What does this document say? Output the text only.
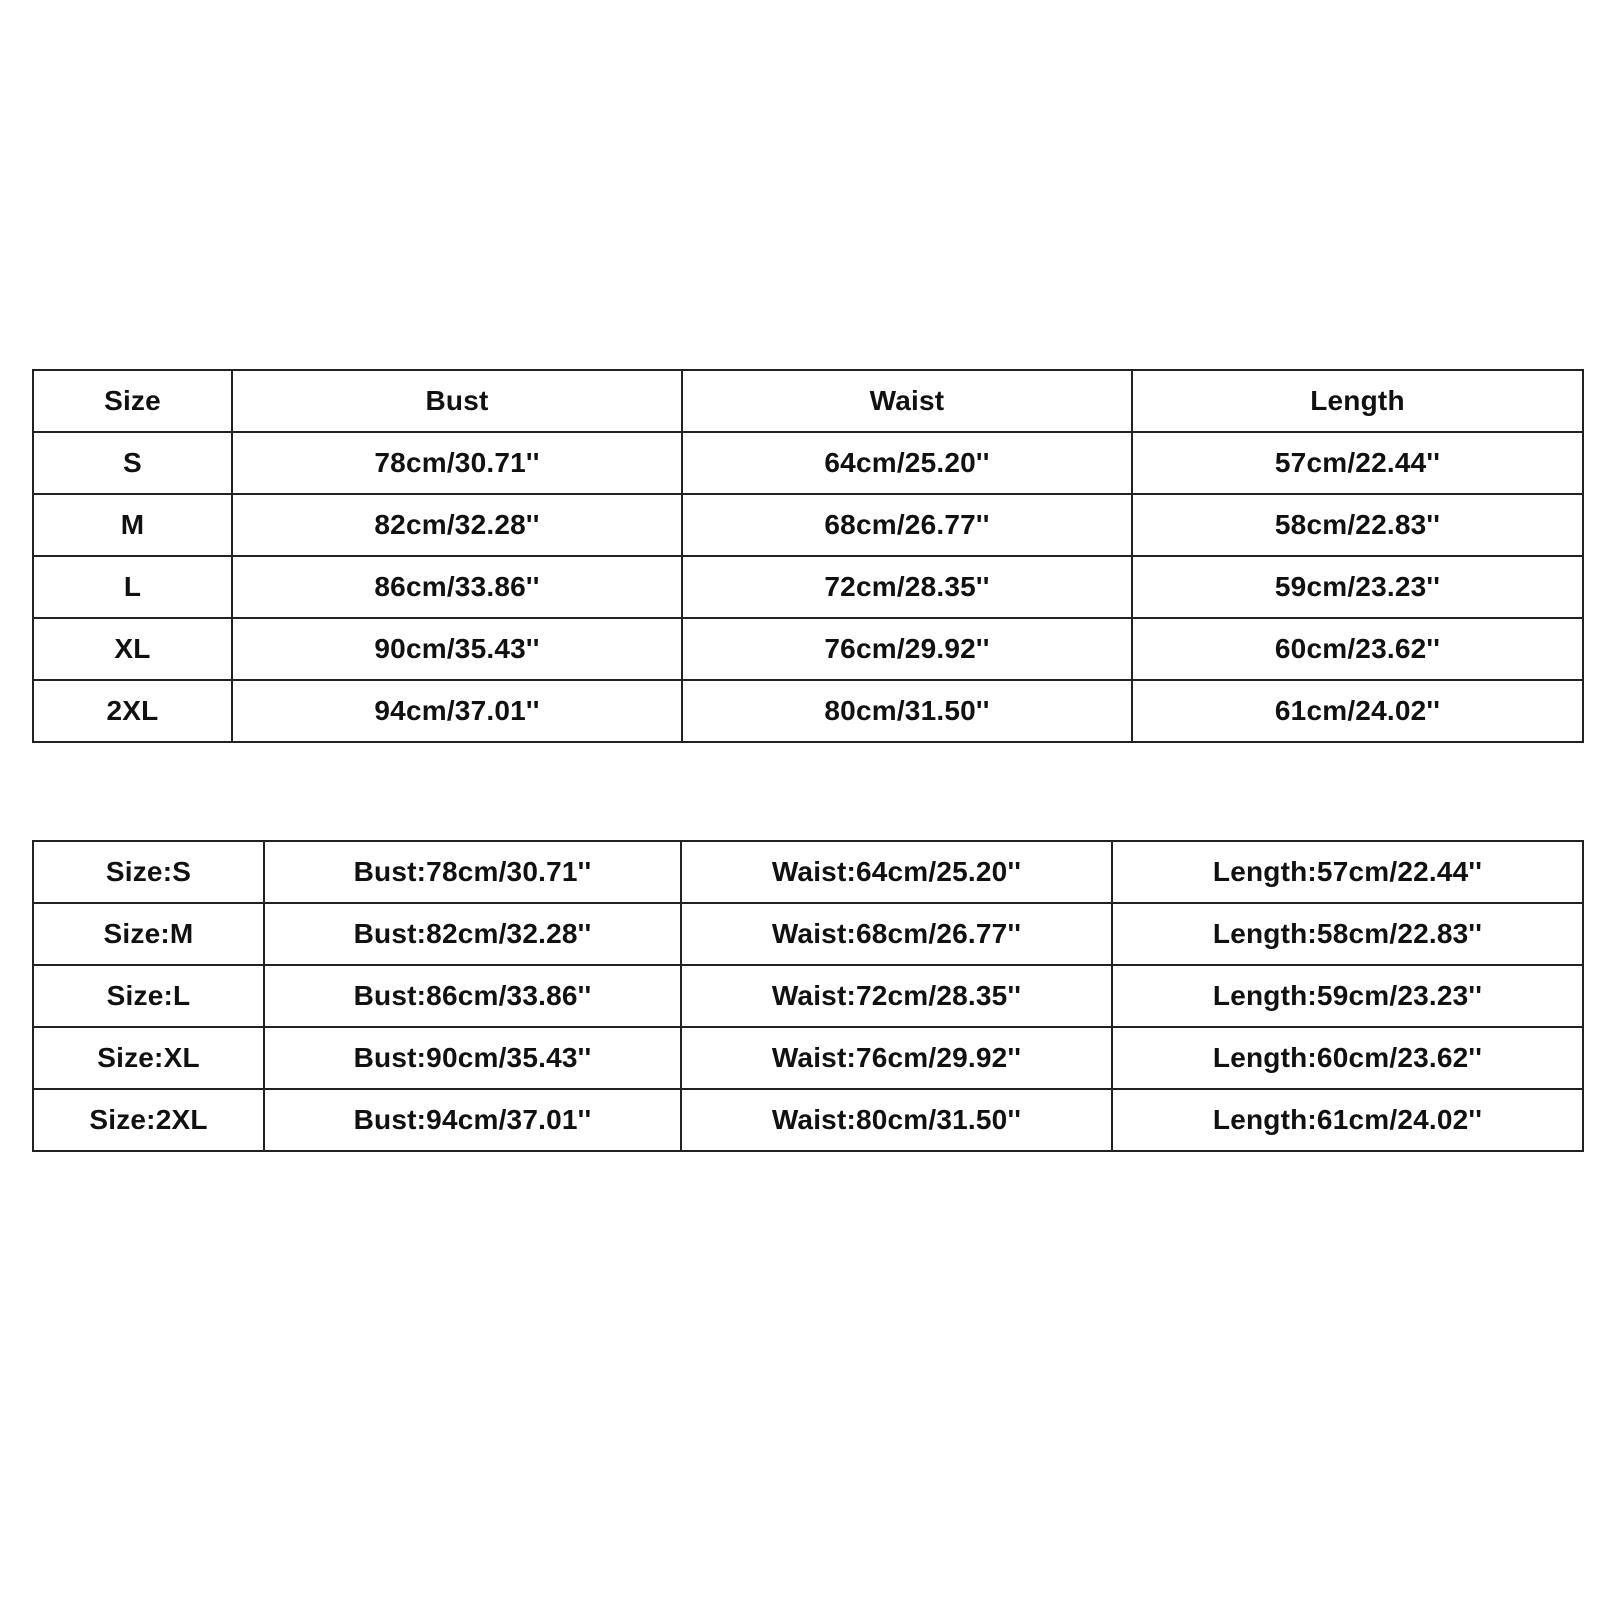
Size	Bust	Waist	Length
S	78cm/30.71''	64cm/25.20''	57cm/22.44''
M	82cm/32.28''	68cm/26.77''	58cm/22.83''
L	86cm/33.86''	72cm/28.35''	59cm/23.23''
XL	90cm/35.43''	76cm/29.92''	60cm/23.62''
2XL	94cm/37.01''	80cm/31.50''	61cm/24.02''
Size:S	Bust:78cm/30.71''	Waist:64cm/25.20''	Length:57cm/22.44''
Size:M	Bust:82cm/32.28''	Waist:68cm/26.77''	Length:58cm/22.83''
Size:L	Bust:86cm/33.86''	Waist:72cm/28.35''	Length:59cm/23.23''
Size:XL	Bust:90cm/35.43''	Waist:76cm/29.92''	Length:60cm/23.62''
Size:2XL	Bust:94cm/37.01''	Waist:80cm/31.50''	Length:61cm/24.02''
